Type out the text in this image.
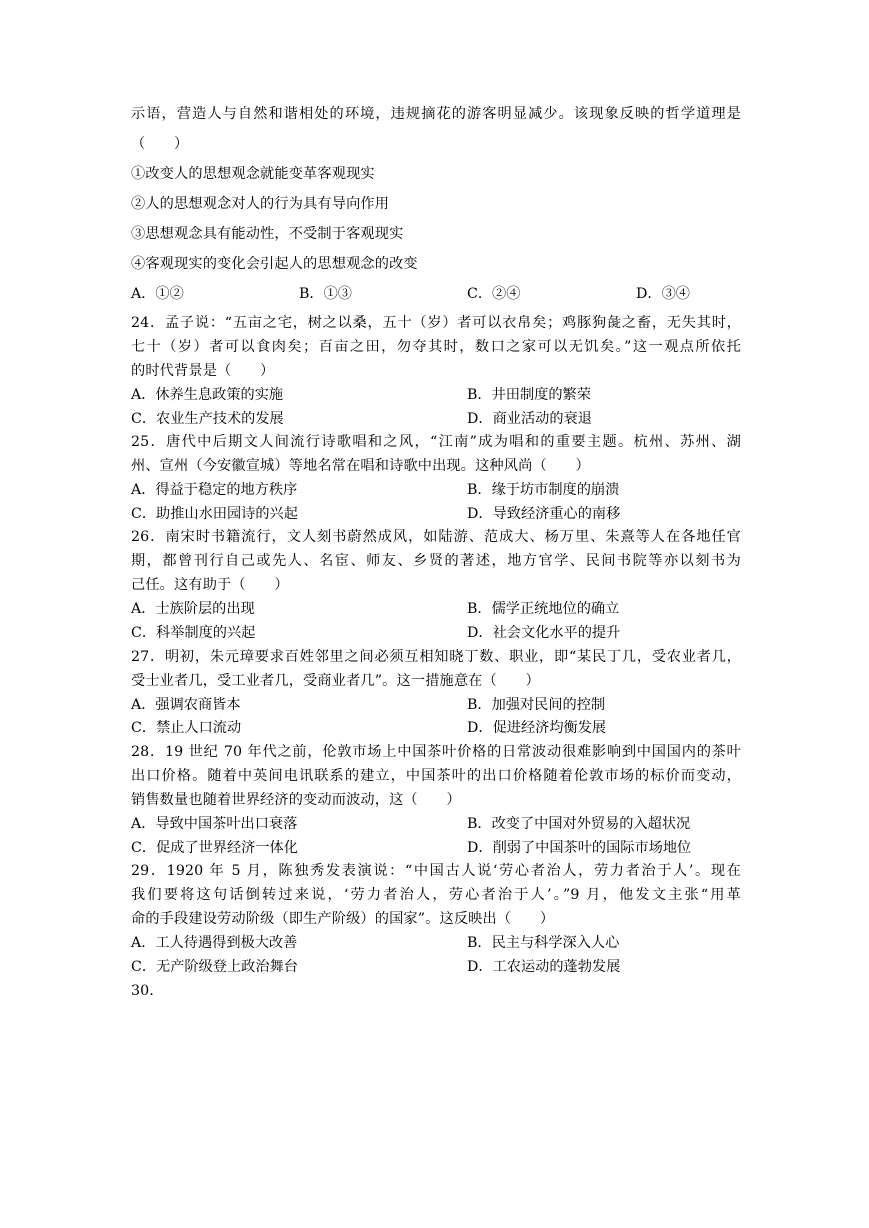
示语，营造人与自然和谐相处的环境，违规摘花的游客明显减少。该现象反映的哲学道理是
（　　）
①改变人的思想观念就能变革客观现实
②人的思想观念对人的行为具有导向作用
③思想观念具有能动性，不受制于客观现实
④客观现实的变化会引起人的思想观念的改变
A．①②	B．①③	C．②④	D．③④
24．孟子说：“五亩之宅，树之以桑，五十（岁）者可以衣帛矣；鸡豚狗彘之畜，无失其时，
七十（岁）者可以食肉矣；百亩之田，勿夺其时，数口之家可以无饥矣。”这一观点所依托
的时代背景是（　　）
A．休养生息政策的实施	B．井田制度的繁荣
C．农业生产技术的发展	D．商业活动的衰退
25．唐代中后期文人间流行诗歌唱和之风，“江南”成为唱和的重要主题。杭州、苏州、湖
州、宣州（今安徽宣城）等地名常在唱和诗歌中出现。这种风尚（　　）
A．得益于稳定的地方秩序	B．缘于坊市制度的崩溃
C．助推山水田园诗的兴起	D．导致经济重心的南移
26．南宋时书籍流行，文人刻书蔚然成风，如陆游、范成大、杨万里、朱熹等人在各地任官
期，都曾刊行自己或先人、名宦、师友、乡贤的著述，地方官学、民间书院等亦以刻书为
己任。这有助于（　　）
A．士族阶层的出现	B．儒学正统地位的确立
C．科举制度的兴起	D．社会文化水平的提升
27．明初，朱元璋要求百姓邻里之间必须互相知晓丁数、职业，即“某民丁几，受农业者几，
受士业者几，受工业者几，受商业者几”。这一措施意在（　　）
A．强调农商皆本	B．加强对民间的控制
C．禁止人口流动	D．促进经济均衡发展
28．19 世纪 70 年代之前，伦敦市场上中国茶叶价格的日常波动很难影响到中国国内的茶叶
出口价格。随着中英间电讯联系的建立，中国茶叶的出口价格随着伦敦市场的标价而变动，
销售数量也随着世界经济的变动而波动，这（　　）
A．导致中国茶叶出口衰落	B．改变了中国对外贸易的入超状况
C．促成了世界经济一体化	D．削弱了中国茶叶的国际市场地位
29．1920 年 5 月，陈独秀发表演说：“中国古人说‘劳心者治人，劳力者治于人’。现在
我们要将这句话倒转过来说，‘劳力者治人，劳心者治于人’。”9 月，他发文主张“用革
命的手段建设劳动阶级（即生产阶级）的国家”。这反映出（　　）
A．工人待遇得到极大改善	B．民主与科学深入人心
C．无产阶级登上政治舞台	D．工农运动的蓬勃发展
30．
